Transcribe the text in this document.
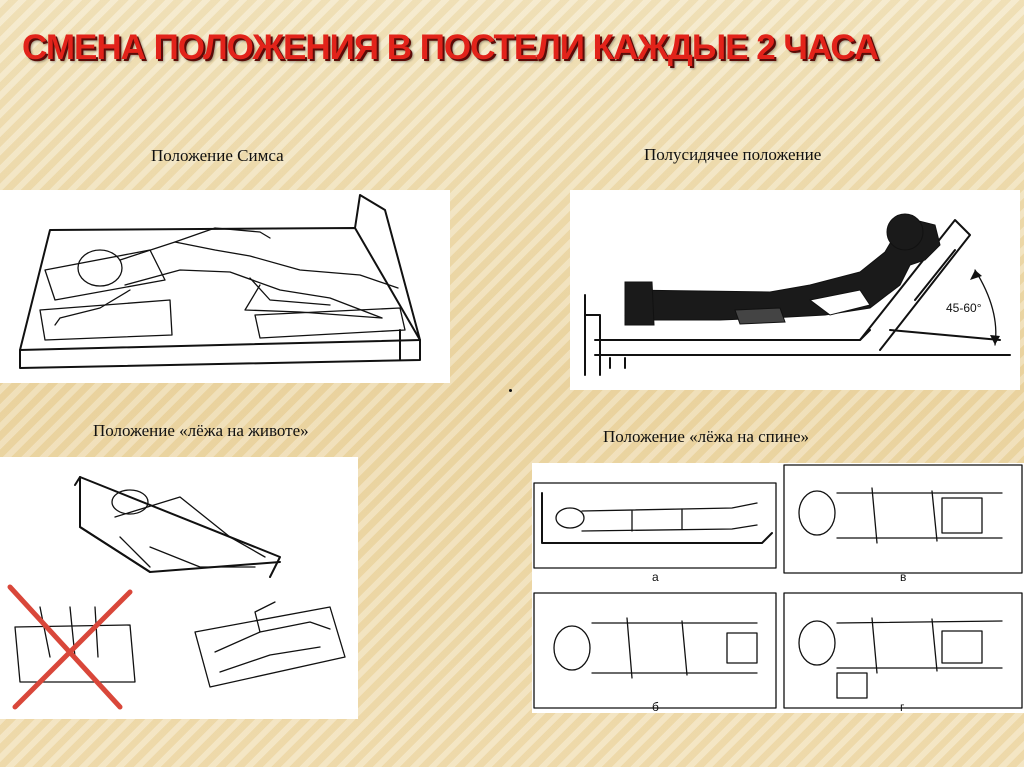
СМЕНА ПОЛОЖЕНИЯ В ПОСТЕЛИ КАЖДЫЕ 2 ЧАСА
Положение Симса	Полусидячее положение
Положение «лёжа на животе»	Положение «лёжа на спине»
45-60°
а	в
б	г
